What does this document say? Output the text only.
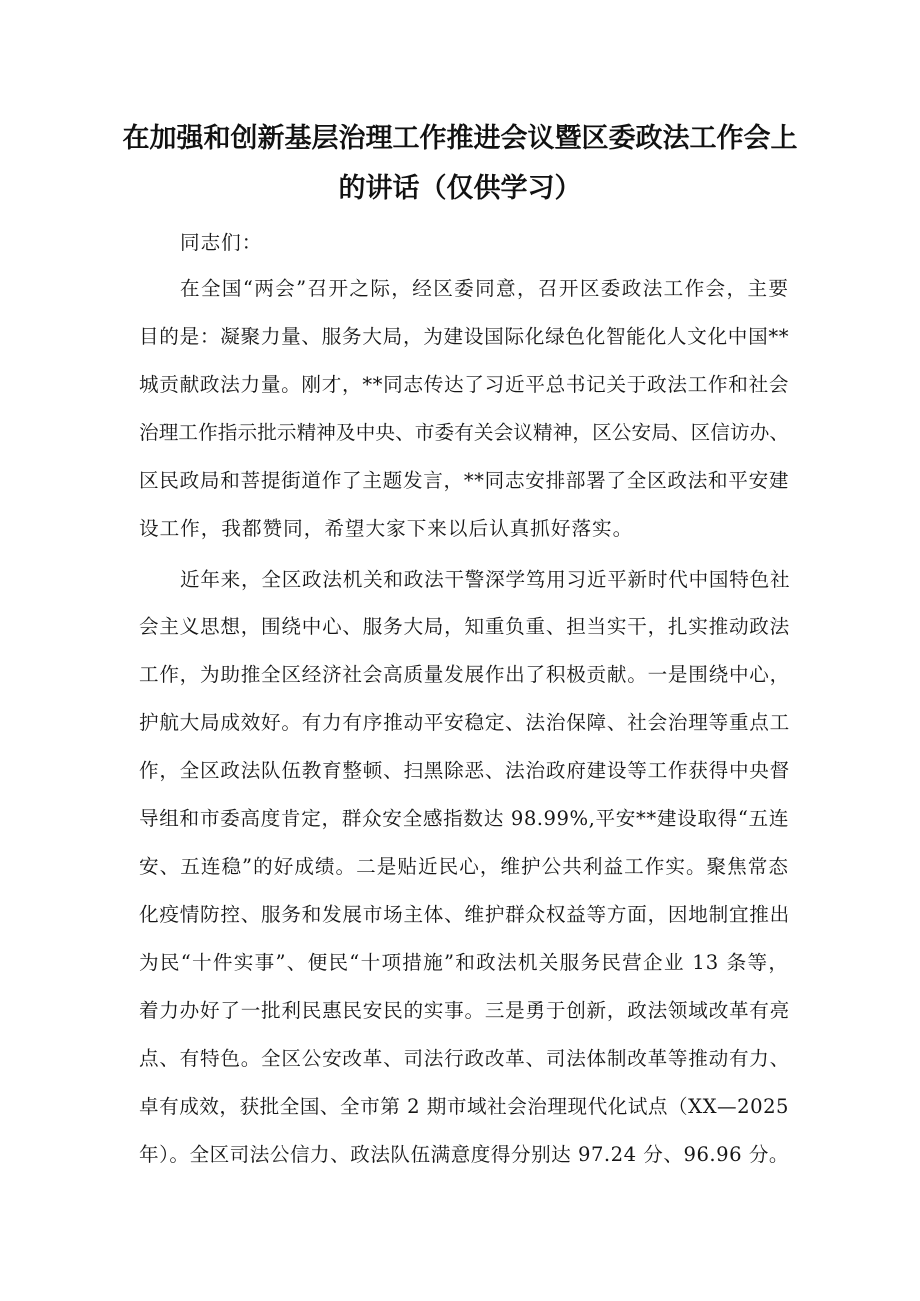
在加强和创新基层治理工作推进会议暨区委政法工作会上
的讲话（仅供学习）
同志们：
在全国“两会”召开之际，经区委同意，召开区委政法工作会，主要
目的是：凝聚力量、服务大局，为建设国际化绿色化智能化人文化中国**
城贡献政法力量。刚才，**同志传达了习近平总书记关于政法工作和社会
治理工作指示批示精神及中央、市委有关会议精神，区公安局、区信访办、
区民政局和菩提街道作了主题发言，**同志安排部署了全区政法和平安建
设工作，我都赞同，希望大家下来以后认真抓好落实。
近年来，全区政法机关和政法干警深学笃用习近平新时代中国特色社
会主义思想，围绕中心、服务大局，知重负重、担当实干，扎实推动政法
工作，为助推全区经济社会高质量发展作出了积极贡献。一是围绕中心，
护航大局成效好。有力有序推动平安稳定、法治保障、社会治理等重点工
作，全区政法队伍教育整顿、扫黑除恶、法治政府建设等工作获得中央督
导组和市委高度肯定，群众安全感指数达 98.99%,平安**建设取得“五连
安、五连稳”的好成绩。二是贴近民心，维护公共利益工作实。聚焦常态
化疫情防控、服务和发展市场主体、维护群众权益等方面，因地制宜推出
为民“十件实事”、便民“十项措施”和政法机关服务民营企业 13 条等，
着力办好了一批利民惠民安民的实事。三是勇于创新，政法领域改革有亮
点、有特色。全区公安改革、司法行政改革、司法体制改革等推动有力、
卓有成效，获批全国、全市第 2 期市域社会治理现代化试点（XX—2025
年）。全区司法公信力、政法队伍满意度得分别达 97.24 分、96.96 分。
